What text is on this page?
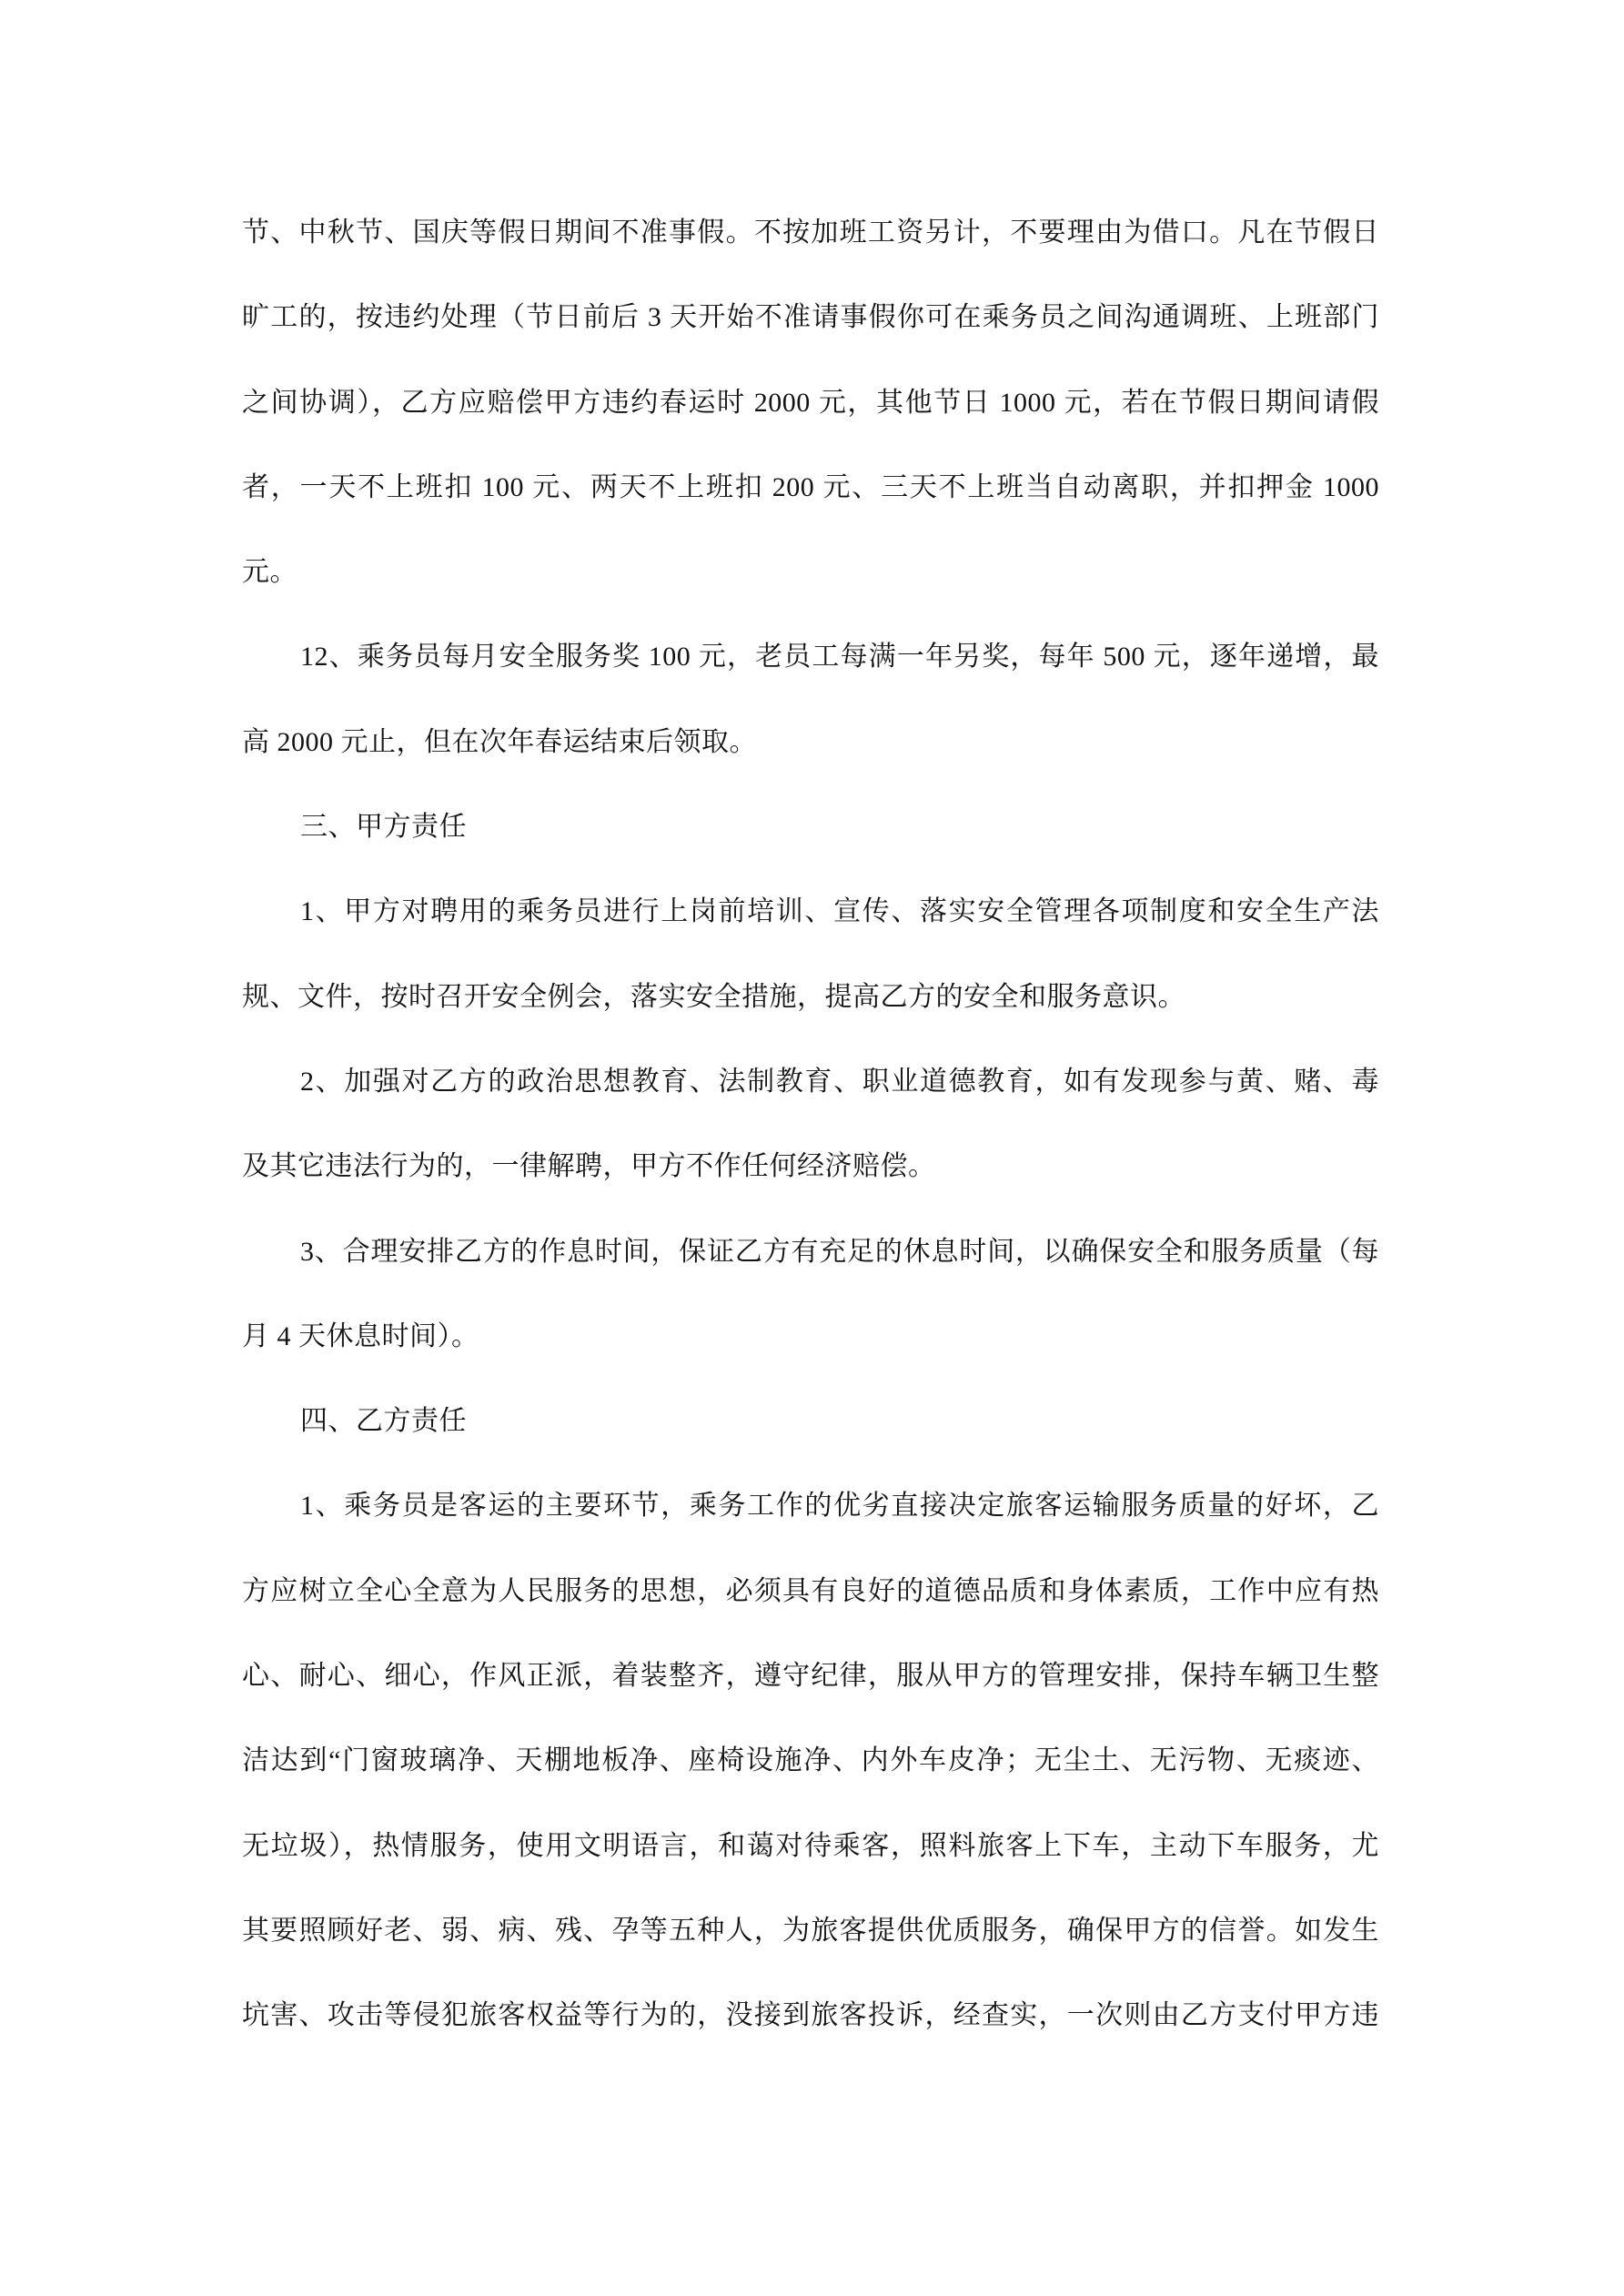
节、中秋节、国庆等假日期间不准事假。不按加班工资另计，不要理由为借口。凡在节假日
旷工的，按违约处理（节日前后 3 天开始不准请事假你可在乘务员之间沟通调班、上班部门
之间协调），乙方应赔偿甲方违约春运时 2000 元，其他节日 1000 元，若在节假日期间请假
者，一天不上班扣 100 元、两天不上班扣 200 元、三天不上班当自动离职，并扣押金 1000
元。
12、乘务员每月安全服务奖 100 元，老员工每满一年另奖，每年 500 元，逐年递增，最
高 2000 元止，但在次年春运结束后领取。
三、甲方责任
1、甲方对聘用的乘务员进行上岗前培训、宣传、落实安全管理各项制度和安全生产法
规、文件，按时召开安全例会，落实安全措施，提高乙方的安全和服务意识。
2、加强对乙方的政治思想教育、法制教育、职业道德教育，如有发现参与黄、赌、毒
及其它违法行为的，一律解聘，甲方不作任何经济赔偿。
3、合理安排乙方的作息时间，保证乙方有充足的休息时间，以确保安全和服务质量（每
月 4 天休息时间）。
四、乙方责任
1、乘务员是客运的主要环节，乘务工作的优劣直接决定旅客运输服务质量的好坏，乙
方应树立全心全意为人民服务的思想，必须具有良好的道德品质和身体素质，工作中应有热
心、耐心、细心，作风正派，着装整齐，遵守纪律，服从甲方的管理安排，保持车辆卫生整
洁达到“门窗玻璃净、天棚地板净、座椅设施净、内外车皮净；无尘土、无污物、无痰迹、
无垃圾），热情服务，使用文明语言，和蔼对待乘客，照料旅客上下车，主动下车服务，尤
其要照顾好老、弱、病、残、孕等五种人，为旅客提供优质服务，确保甲方的信誉。如发生
坑害、攻击等侵犯旅客权益等行为的，没接到旅客投诉，经查实，一次则由乙方支付甲方违
